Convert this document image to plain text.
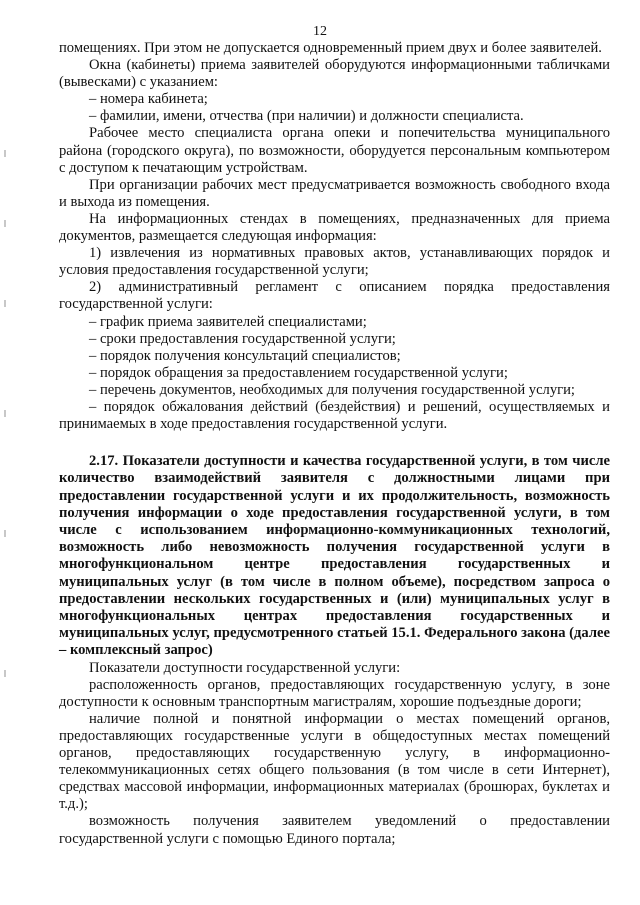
12

помещениях. При этом не допускается одновременный прием двух и более заявителей.

Окна (кабинеты) приема заявителей оборудуются информационными табличками (вывесками) с указанием:

– номера кабинета;

– фамилии, имени, отчества (при наличии) и должности специалиста.

Рабочее место специалиста органа опеки и попечительства муниципального района (городского округа), по возможности, оборудуется персональным компьютером с доступом к печатающим устройствам.

При организации рабочих мест предусматривается возможность свободного входа и выхода из помещения.

На информационных стендах в помещениях, предназначенных для приема документов, размещается следующая информация:

1) извлечения из нормативных правовых актов, устанавливающих порядок и условия предоставления государственной услуги;

2) административный регламент с описанием порядка предоставления государственной услуги:

– график приема заявителей специалистами;

– сроки предоставления государственной услуги;

– порядок получения консультаций специалистов;

– порядок обращения за предоставлением государственной услуги;

– перечень документов, необходимых для получения государственной услуги;

– порядок обжалования действий (бездействия) и решений, осуществляемых и принимаемых в ходе предоставления государственной услуги.

2.17. Показатели доступности и качества государственной услуги, в том числе количество взаимодействий заявителя с должностными лицами при предоставлении государственной услуги и их продолжительность, возможность получения информации о ходе предоставления государственной услуги, в том числе с использованием информационно-коммуникационных технологий, возможность либо невозможность получения государственной услуги в многофункциональном центре предоставления государственных и муниципальных услуг (в том числе в полном объеме), посредством запроса о предоставлении нескольких государственных и (или) муниципальных услуг в многофункциональных центрах предоставления государственных и муниципальных услуг, предусмотренного статьей 15.1. Федерального закона (далее – комплексный запрос)

Показатели доступности государственной услуги:

расположенность органов, предоставляющих государственную услугу, в зоне доступности к основным транспортным магистралям, хорошие подъездные дороги;

наличие полной и понятной информации о местах помещений органов, предоставляющих государственные услуги в общедоступных местах помещений органов, предоставляющих государственную услугу, в информационно-телекоммуникационных сетях общего пользования (в том числе в сети Интернет), средствах массовой информации, информационных материалах (брошюрах, буклетах и т.д.);

возможность получения заявителем уведомлений о предоставлении государственной услуги с помощью Единого портала;
